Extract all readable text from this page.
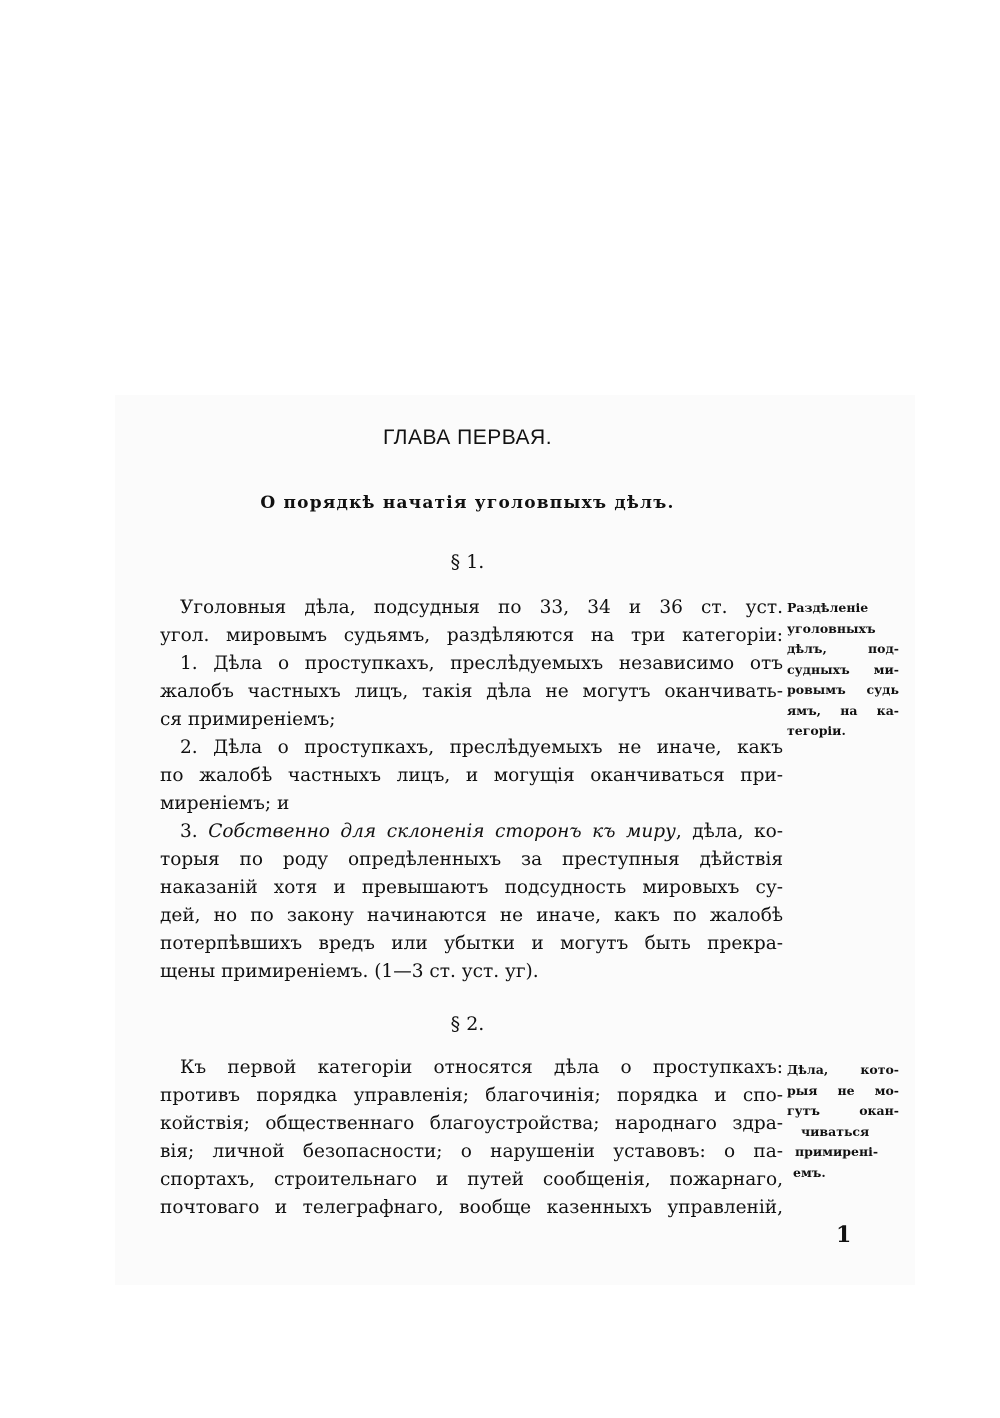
ГЛАВА ПЕРВАЯ.
О порядкѣ начатія уголовпыхъ дѣлъ.
§ 1.
Уголовныя дѣла, подсудныя по 33, 34 и 36 ст. уст.
угол. мировымъ судьямъ, раздѣляются на три категоріи:
1. Дѣла о проступкахъ, преслѣдуемыхъ независимо отъ
жалобъ частныхъ лицъ, такія дѣла не могутъ оканчивать-
ся примиреніемъ;
2. Дѣла о проступкахъ, преслѣдуемыхъ не иначе, какъ
по жалобѣ частныхъ лицъ, и могущія оканчиваться при-
миреніемъ; и
3. Собственно для склоненія сторонъ къ миру, дѣла, ко-
торыя по роду опредѣленныхъ за преступныя дѣйствія
наказаній хотя и превышаютъ подсудность мировыхъ су-
дей, но по закону начинаются не иначе, какъ по жалобѣ
потерпѣвшихъ вредъ или убытки и могутъ быть прекра-
щены примиреніемъ. (1—3 ст. уст. уг).
Раздѣленіе
уголовныхъ
дѣлъ, под-
судныхъ ми-
ровымъ судь
ямъ, на ка-
тегоріи.
§ 2.
Къ первой категоріи относятся дѣла о проступкахъ:
противъ порядка управленія; благочинія; порядка и спо-
койствія; общественнаго благоустройства; народнаго здра-
вія; личной безопасности; о нарушеніи уставовъ: о па-
спортахъ, строительнаго и путей сообщенія, пожарнаго,
почтоваго и телеграфнаго, вообще казенныхъ управленій,
Дѣла, кото-
рыя не мо-
гутъ окан-
чиваться
примирені-
емъ.
1
